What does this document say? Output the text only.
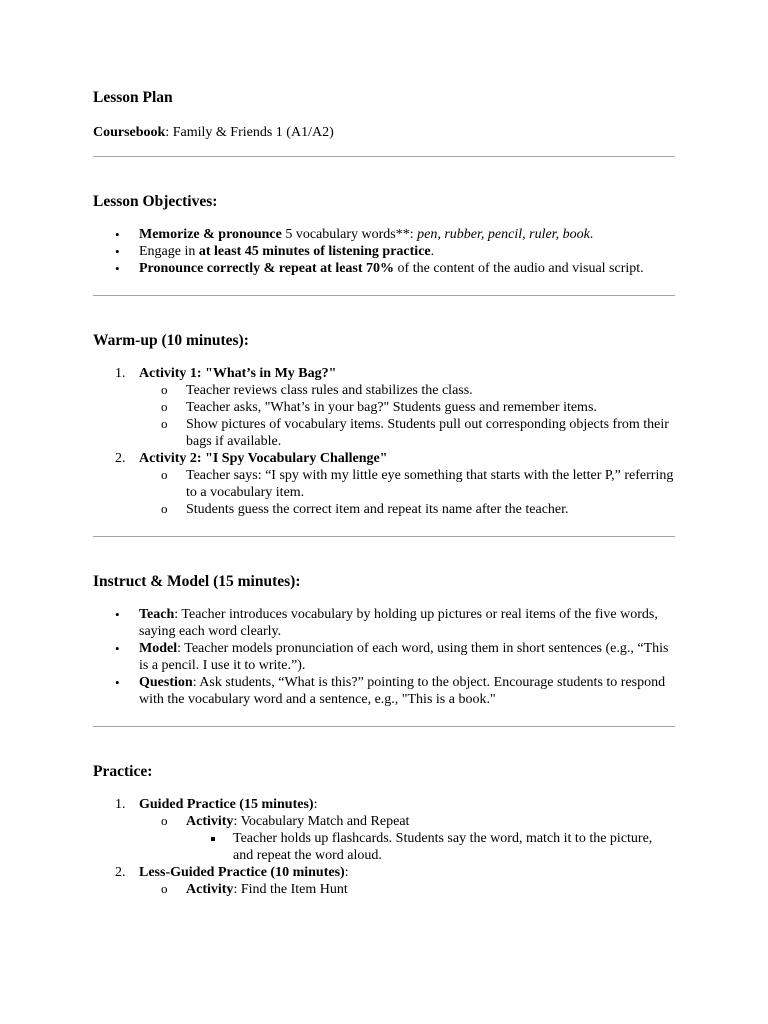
Lesson Plan
Coursebook: Family & Friends 1 (A1/A2)
Lesson Objectives:
• Memorize & pronounce 5 vocabulary words**: pen, rubber, pencil, ruler, book.
• Engage in at least 45 minutes of listening practice.
• Pronounce correctly & repeat at least 70% of the content of the audio and visual script.
Warm-up (10 minutes):
1. Activity 1: "What’s in My Bag?"
o Teacher reviews class rules and stabilizes the class.
o Teacher asks, "What’s in your bag?" Students guess and remember items.
o Show pictures of vocabulary items. Students pull out corresponding objects from their bags if available.
2. Activity 2: "I Spy Vocabulary Challenge"
o Teacher says: “I spy with my little eye something that starts with the letter P,” referring to a vocabulary item.
o Students guess the correct item and repeat its name after the teacher.
Instruct & Model (15 minutes):
• Teach: Teacher introduces vocabulary by holding up pictures or real items of the five words, saying each word clearly.
• Model: Teacher models pronunciation of each word, using them in short sentences (e.g., “This is a pencil. I use it to write.”).
• Question: Ask students, “What is this?” pointing to the object. Encourage students to respond with the vocabulary word and a sentence, e.g., "This is a book."
Practice:
1. Guided Practice (15 minutes):
o Activity: Vocabulary Match and Repeat
Teacher holds up flashcards. Students say the word, match it to the picture, and repeat the word aloud.
2. Less-Guided Practice (10 minutes):
o Activity: Find the Item Hunt
